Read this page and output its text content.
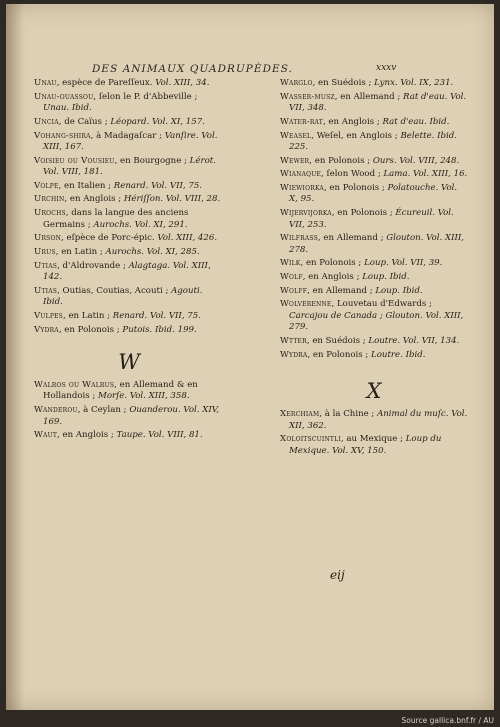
DES ANIMAUX QUADRUPÈDES.	xxxv
Unau, espèce de Pareſſeux. Vol. XIII, 34.
Unau-ouassou, ſelon le P. d'Abbeville ; Unau. Ibid.
Uncia, de Caïus ; Léopard. Vol. XI, 157.
Vohang-shira, à Madagaſcar ; Vanſire. Vol. XIII, 167.
Voisieu ou Vousieu, en Bourgogne ; Lérot. Vol. VIII, 181.
Volpe, en Italien ; Renard. Vol. VII, 75.
Urchin, en Anglois ; Hériſſon. Vol. VIII, 28.
Urochs, dans la langue des anciens Germains ; Aurochs. Vol. XI, 291.
Urson, eſpèce de Porc-épic. Vol. XIII, 426.
Urus, en Latin ; Aurochs. Vol. XI, 285.
Utias, d'Aldrovande ; Alagtaga. Vol. XIII, 142.
Utias, Outias, Coutias, Acouti ; Agouti. Ibid.
Vulpes, en Latin ; Renard. Vol. VII, 75.
Vydra, en Polonois ; Putois. Ibid. 199.
W
Walros ou Walrus, en Allemand & en Hollandois ; Morſe. Vol. XIII, 358.
Wanderou, à Ceylan ; Ouanderou. Vol. XIV, 169.
Waut, en Anglois ; Taupe. Vol. VIII, 81.
Warglo, en Suédois ; Lynx. Vol. IX, 231.
Wasser-musz, en Allemand ; Rat d'eau. Vol. VII, 348.
Water-rat, en Anglois ; Rat d'eau. Ibid.
Weasel, Weſel, en Anglois ; Belette. Ibid. 225.
Wewer, en Polonois ; Ours. Vol. VIII, 248.
Wianaque, ſelon Wood ; Lama. Vol. XIII, 16.
Wiewiorka, en Polonois ; Polatouche. Vol. X, 95.
Wijervijorka, en Polonois ; Écureuil. Vol. VII, 253.
Wilfrass, en Allemand ; Glouton. Vol. XIII, 278.
Wilk, en Polonois ; Loup. Vol. VII, 39.
Wolf, en Anglois ; Loup. Ibid.
Wolff, en Allemand ; Loup. Ibid.
Wolverenne, Louvetau d'Edwards ; Carcajou de Canada ; Glouton. Vol. XIII, 279.
Wtter, en Suédois ; Loutre. Vol. VII, 134.
Wydra, en Polonois ; Loutre. Ibid.
X
Xerchiam, à la Chine ; Animal du muſc. Vol. XII, 362.
Xoloitscuintli, au Mexique ; Loup du Mexique. Vol. XV, 150.
eij
Source gallica.bnf.fr / AU
